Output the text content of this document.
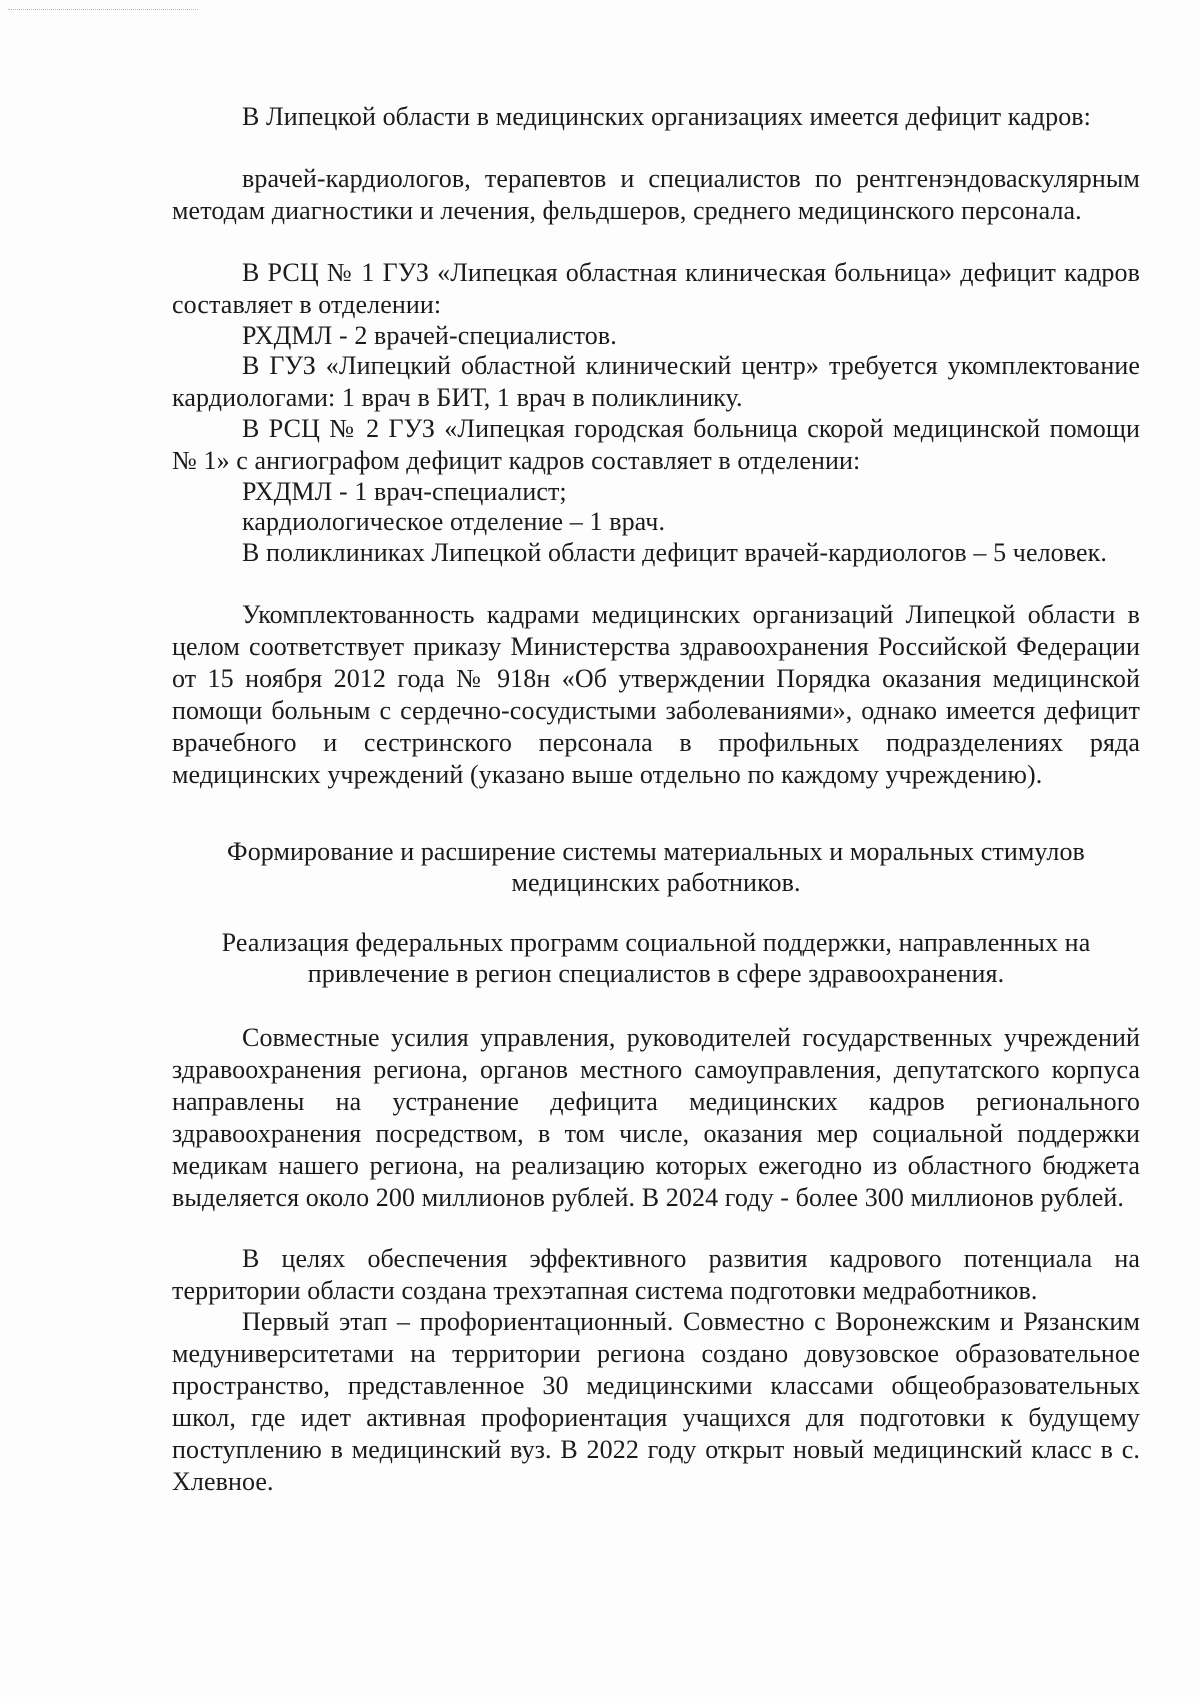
В Липецкой области в медицинских организациях имеется дефицит кадров:

врачей-кардиологов, терапевтов и специалистов по рентгенэндоваскулярным методам диагностики и лечения, фельдшеров, среднего медицинского персонала.

В РСЦ № 1 ГУЗ «Липецкая областная клиническая больница» дефицит кадров составляет в отделении:

РХДМЛ - 2 врачей-специалистов.

В ГУЗ «Липецкий областной клинический центр» требуется укомплектование кардиологами: 1 врач в БИТ, 1 врач в поликлинику.

В РСЦ № 2 ГУЗ «Липецкая городская больница скорой медицинской помощи № 1» с ангиографом дефицит кадров составляет в отделении:

РХДМЛ - 1 врач-специалист;

кардиологическое отделение – 1 врач.

В поликлиниках Липецкой области дефицит врачей-кардиологов – 5 человек.

Укомплектованность кадрами медицинских организаций Липецкой области в целом соответствует приказу Министерства здравоохранения Российской Федерации от 15 ноября 2012 года № 918н «Об утверждении Порядка оказания медицинской помощи больным с сердечно-сосудистыми заболеваниями», однако имеется дефицит врачебного и сестринского персонала в профильных подразделениях ряда медицинских учреждений (указано выше отдельно по каждому учреждению).

Формирование и расширение системы материальных и моральных стимулов медицинских работников.

Реализация федеральных программ социальной поддержки, направленных на привлечение в регион специалистов в сфере здравоохранения.

Совместные усилия управления, руководителей государственных учреждений здравоохранения региона, органов местного самоуправления, депутатского корпуса направлены на устранение дефицита медицинских кадров регионального здравоохранения посредством, в том числе, оказания мер социальной поддержки медикам нашего региона, на реализацию которых ежегодно из областного бюджета выделяется около 200 миллионов рублей. В 2024 году - более 300 миллионов рублей.

В целях обеспечения эффективного развития кадрового потенциала на территории области создана трехэтапная система подготовки медработников.

Первый этап – профориентационный. Совместно с Воронежским и Рязанским медуниверситетами на территории региона создано довузовское образовательное пространство, представленное 30 медицинскими классами общеобразовательных школ, где идет активная профориентация учащихся для подготовки к будущему поступлению в медицинский вуз. В 2022 году открыт новый медицинский класс в с. Хлевное.
